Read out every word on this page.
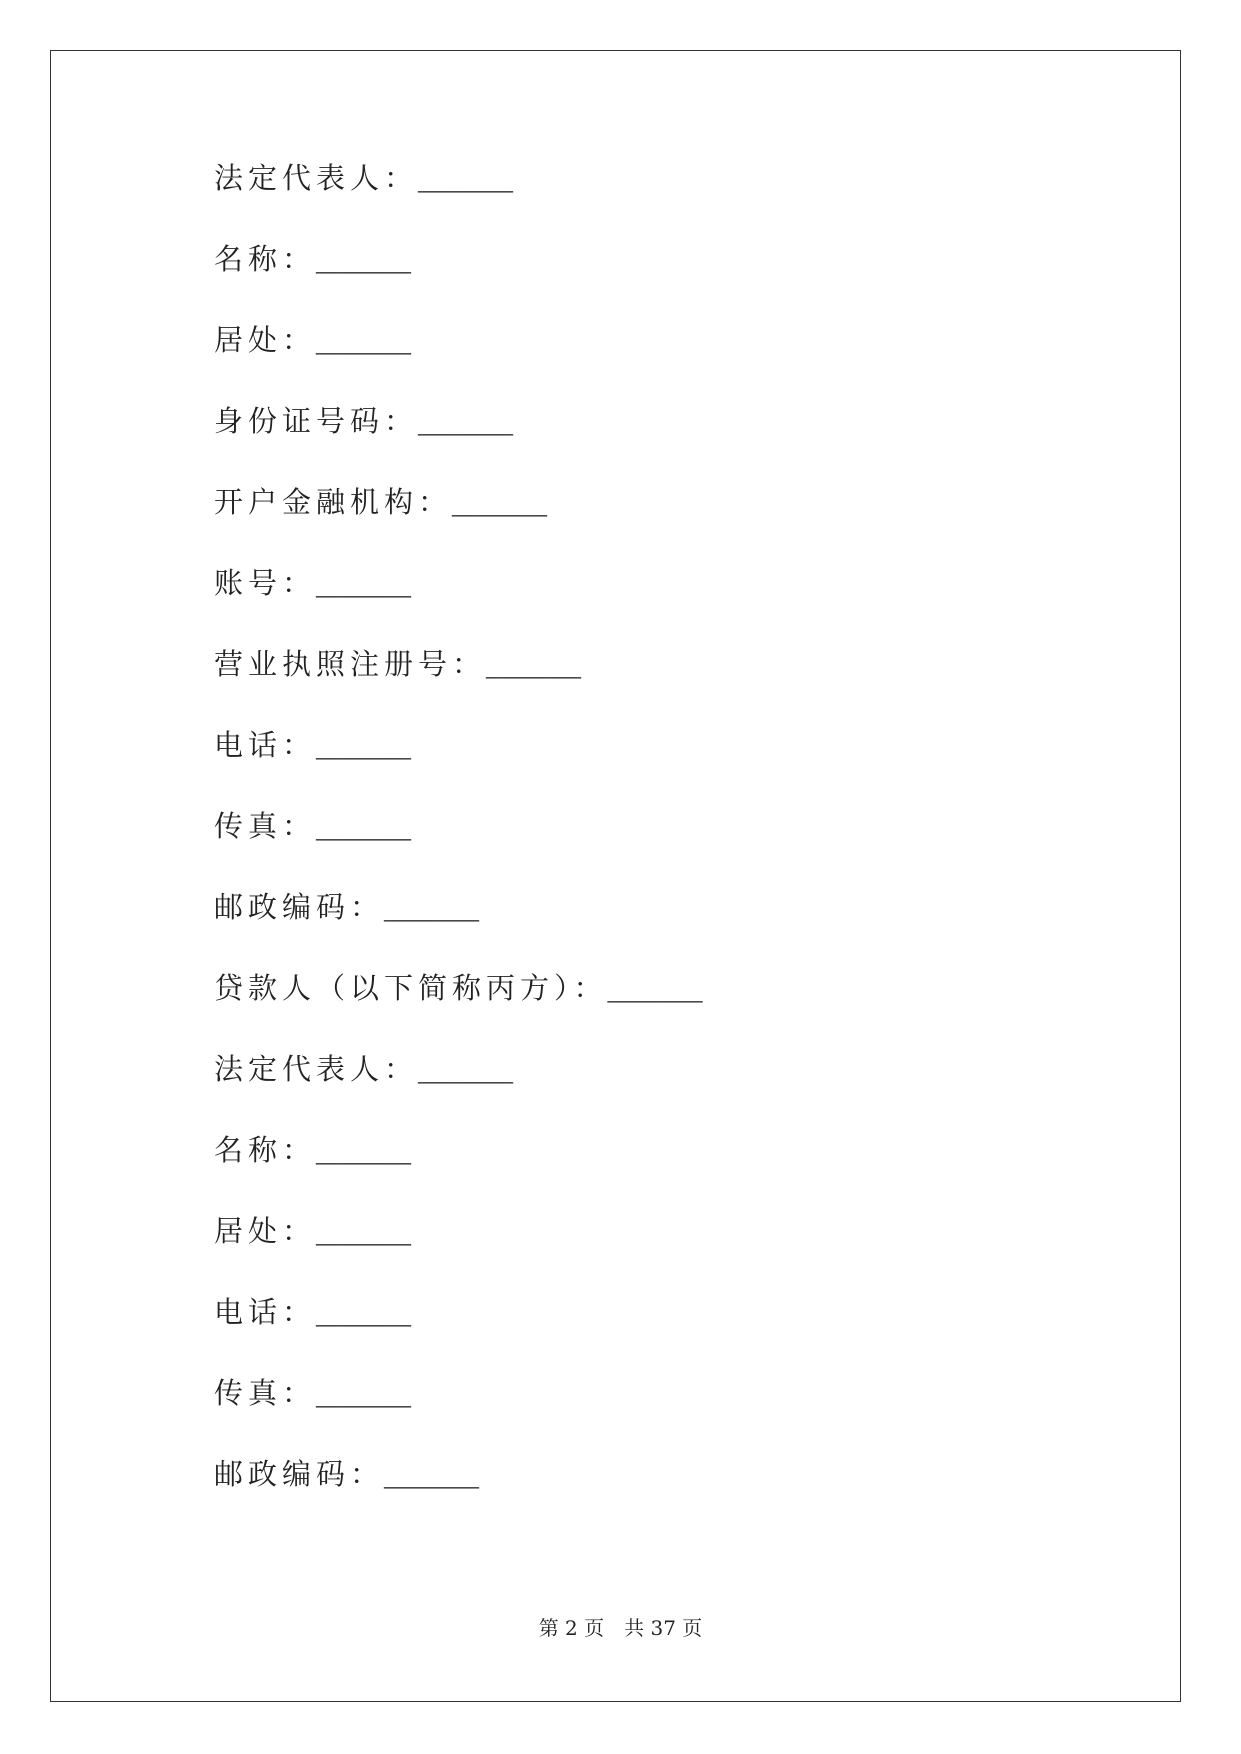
法定代表人： __________
名称： __________
居处： __________
身份证号码： __________
开户金融机构： __________
账号： __________
营业执照注册号： __________
电话： __________
传真： __________
邮政编码： __________
贷款人（以下简称丙方）： __________
法定代表人： __________
名称： __________
居处： __________
电话： __________
传真： __________
邮政编码： __________
第 2 页 共 37 页
